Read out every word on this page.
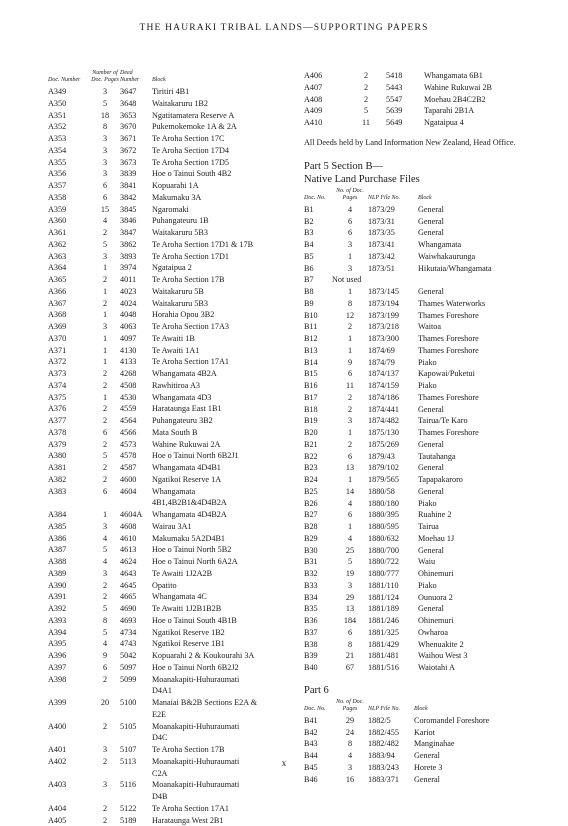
THE HAURAKI TRIBAL LANDS—SUPPORTING PAPERS
Doc. Number	Number of Doc. Pages	Deed Number	Block
A349	3	3647	Tiritiri 4B1
A350	5	3648	Waitakaruru 1B2
A351	18	3653	Ngatitamatera Reserve A
A352	8	3670	Pukemokemoke 1A & 2A
A353	3	3671	Te Aroha Section 17C
A354	3	3672	Te Aroha Section 17D4
A355	3	3673	Te Aroha Section 17D5
A356	3	3839	Hoe o Tainui South 4B2
A357	6	3841	Kopuarahi 1A
A358	6	3842	Makumaku 3A
A359	15	3845	Ngaromaki
A360	4	3846	Puhangateuru 1B
A361	2	3847	Waitakaruru 5B3
A362	5	3862	Te Aroha Section 17D1 & 17B
A363	3	3893	Te Aroha Section 17D1
A364	1	3974	Ngataipua 2
A365	2	4011	Te Aroha Section 17B
A366	1	4023	Waitakaruru 5B
A367	2	4024	Waitakaruru 5B3
A368	1	4048	Horahia Opou 3B2
A369	3	4063	Te Aroha Section 17A3
A370	1	4097	Te Awaiti 1B
A371	1	4130	Te Awaiti 1A1
A372	1	4133	Te Aroha Section 17A1
A373	2	4268	Whangamata 4B2A
A374	2	4508	Rawhitiroa A3
A375	1	4530	Whangamata 4D3
A376	2	4559	Harataunga East 1B1
A377	2	4564	Puhangateuru 3B2
A378	6	4566	Mata South B
A379	2	4573	Wahine Rukuwai 2A
A380	5	4578	Hoe o Tainui North 6B2J1
A381	2	4587	Whangamata 4D4B1
A382	2	4600	Ngatikoi Reserve 1A
A383	6	4604	Whangamata
4B1,4B2B1&4D4B2A			
A384	1	4604A	Whangamata 4D4B2A
A385	3	4608	Wairau 3A1
A386	4	4610	Makumaku 5A2D4B1
A387	5	4613	Hoe o Tainui North 5B2
A388	4	4624	Hoe o Tainui North 6A2A
A389	3	4643	Te Awaiti 1J2A2B
A390	2	4645	Opatito
A391	2	4665	Whangamata 4C
A392	5	4690	Te Awaiti 1J2B1B2B
A393	8	4693	Hoe o Tainui South 4B1B
A394	5	4734	Ngatikoi Reserve 1B2
A395	4	4743	Ngatikoi Reserve 1B1
A396	9	5042	Kopuarahi 2 & Koukourahi 3A
A397	6	5097	Hoe o Tainui North 6B2J2
A398	2	5099	Moanakapiti-Huhuraumati
D4A1			
A399	20	5100	Manaiai B&2B Sections E2A &
E2E			
A400	2	5105	Moanakapiti-Huhuraumati
D4C			
A401	3	5107	Te Aroha Section 17B
A402	2	5113	Moanakapiti-Huhuraumati
C2A			
A403	3	5116	Moanakapiti-Huhuraumati
D4B			
A404	2	5122	Te Aroha Section 17A1
A405	2	5189	Harataunga West 2B1
A406	2	5418	Whangamata 6B1
A407	2	5443	Wahine Rukuwai 2B
A408	2	5547	Moehau 2B4C2B2
A409	5	5639	Taparahi 2B1A
A410	11	5649	Ngataipua 4

All Deeds held by Land Information New Zealand, Head Office.

Part 5 Section B—
Native Land Purchase Files
Doc. No.	No. of Doc. Pages	NLP File No.	Block
B1	4	1873/29	General
B2	6	1873/31	General
B3	6	1873/35	General
B4	3	1873/41	Whangamata
B5	1	1873/42	Waiwhakaurunga
B6	3	1873/51	Hikutaia/Whangamata
B7	Not used		
B8	1	1873/145	General
B9	8	1873/194	Thames Waterworks
B10	12	1873/199	Thames Foreshore
B11	2	1873/218	Waitoa
B12	1	1873/300	Thames Foreshore
B13	1	1874/69	Thames Foreshore
B14	9	1874/79	Piako
B15	6	1874/137	Kapowai/Puketui
B16	11	1874/159	Piako
B17	2	1874/186	Thames Foreshore
B18	2	1874/441	General
B19	3	1874/482	Tairua/Te Karo
B20	1	1875/130	Thames Foreshore
B21	2	1875/269	General
B22	6	1879/43	Tautahanga
B23	13	1879/102	General
B24	1	1879/565	Tapapakaroro
B25	14	1880/58	General
B26	4	1880/180	Piako
B27	6	1880/395	Ruahine 2
B28	1	1880/595	Tairua
B29	4	1880/632	Moehau 1J
B30	25	1880/700	General
B31	5	1880/722	Waiu
B32	19	1880/777	Ohinemuri
B33	3	1881/110	Piako
B34	29	1881/124	Ounuora 2
B35	13	1881/189	General
B36	184	1881/246	Ohinemuri
B37	6	1881/325	Owharoa
B38	8	1881/429	Whenuakite 2
B39	21	1881/481	Waihou West 3
B40	67	1881/516	Waiotahi A
Part 6
Doc. No.	No. of Doc. Pages	NLP File No.	Block
B41	29	1882/5	Coromandel Foreshore
B42	24	1882/455	Kariot
B43	8	1882/482	Manginahae
B44	4	1883/94	General
B45	3	1883/243	Horete 3
B46	16	1883/371	General
x
